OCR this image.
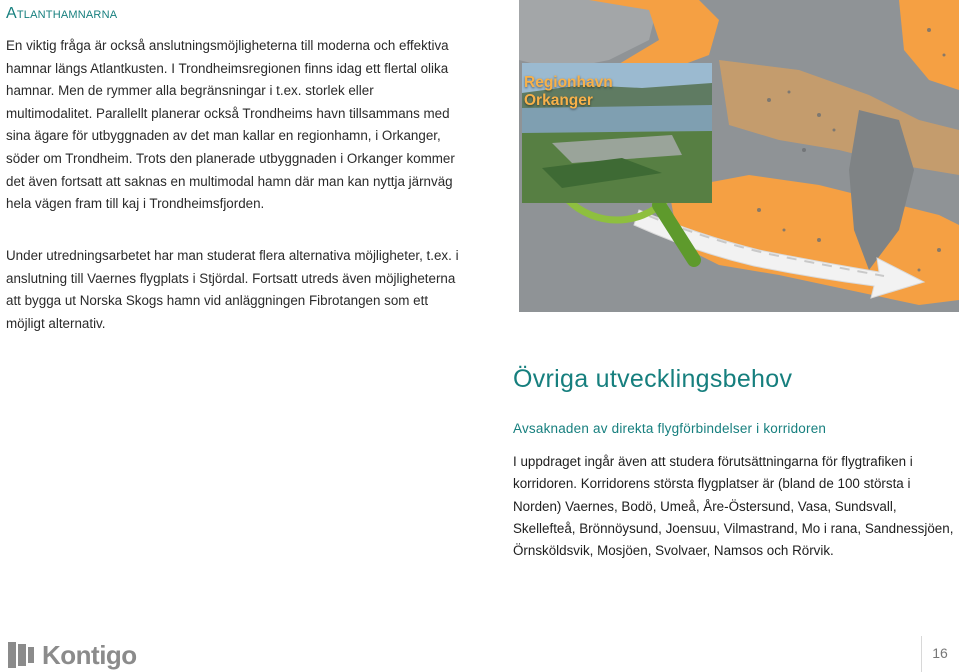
Atlanthamnarna

En viktig fråga är också anslutningsmöjligheterna till moderna och effektiva hamnar längs Atlantkusten. I Trondheimsregionen finns idag ett flertal olika hamnar. Men de rymmer alla begränsningar i t.ex. storlek eller multimodalitet. Parallellt planerar också Trondheims havn tillsammans med sina ägare för utbyggnaden av det man kallar en regionhamn, i Orkanger, söder om Trondheim. Trots den planerade utbyggnaden i Orkanger kommer det även fortsatt att saknas en multimodal hamn där man kan nyttja järnväg hela vägen fram till kaj i Trondheimsfjorden.

Under utredningsarbetet har man studerat flera alternativa möjligheter, t.ex. i anslutning till Vaernes flygplats i Stjördal. Fortsatt utreds även möjligheterna att bygga ut Norska Skogs hamn vid anläggningen Fibrotangen som ett möjligt alternativ.

Regionhavn
Orkanger
Övriga utvecklingsbehov
Avsaknaden av direkta flygförbindelser i korridoren

I uppdraget ingår även att studera förutsättningarna för flygtrafiken i korridoren. Korridorens största flygplatser är (bland de 100 största i Norden) Vaernes, Bodö, Umeå, Åre-Östersund, Vasa, Sundsvall, Skellefteå, Brönnöysund, Joensuu, Vilmastrand, Mo i rana, Sandnessjöen, Örnsköldsvik, Mosjöen, Svolvaer, Namsos och Rörvik.

Kontigo	16
